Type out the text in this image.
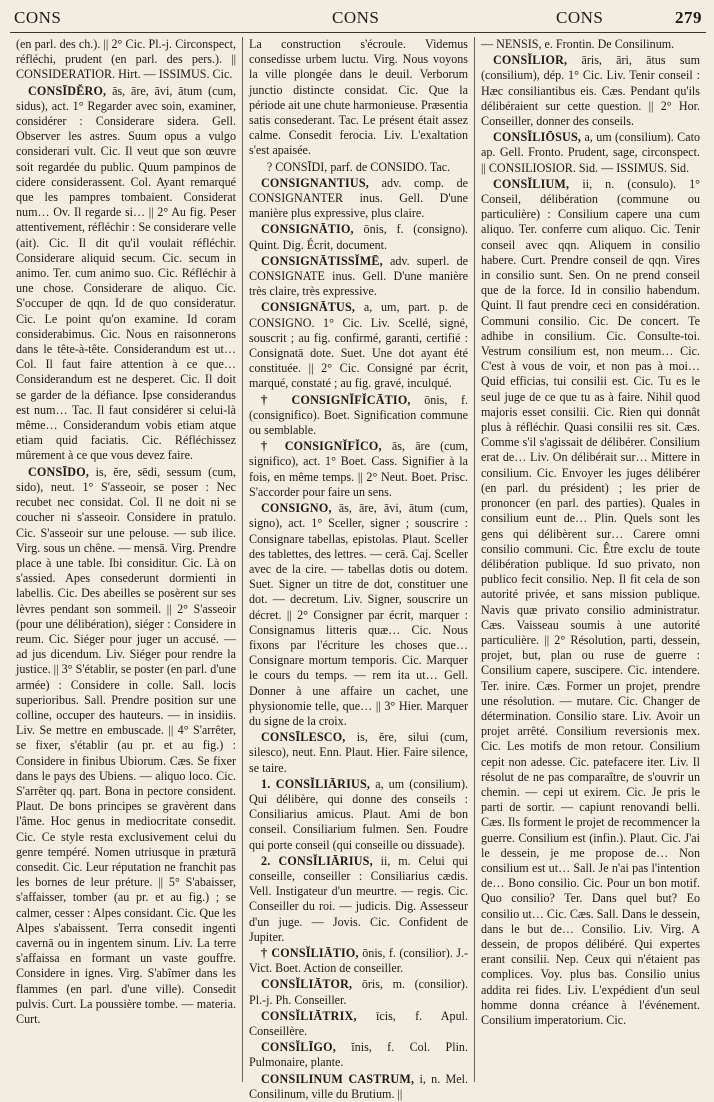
CONS	CONS	CONS	279

(en parl. des ch.). || 2° Cic. Pl.-j. Circonspect, réfléchi, prudent (en parl. des pers.). || CONSIDERATIOR. Hirt. — ISSIMUS. Cic.

CONSĪDĔRO, ās, āre, āvi, ātum (cum, sidus), act. 1° Regarder avec soin, examiner, considérer : Considerare sidera. Gell. Observer les astres. Suum opus a vulgo considerari vult. Cic. Il veut que son œuvre soit regardée du public. Quum pampinos de cidere considerassent. Col. Ayant remarqué que les pampres tombaient. Considerat num… Ov. Il regarde si… || 2° Au fig. Peser attentivement, réfléchir : Se considerare velle (ait). Cic. Il dit qu'il voulait réfléchir. Considerare aliquid secum. Cic. secum in animo. Ter. cum animo suo. Cic. Réfléchir à une chose. Considerare de aliquo. Cic. S'occuper de qqn. Id de quo consideratur. Cic. Le point qu'on examine. Id coram considerabimus. Cic. Nous en raisonnerons dans le tête-à-tête. Considerandum est ut… Col. Il faut faire attention à ce que… Considerandum est ne desperet. Cic. Il doit se garder de la défiance. Ipse considerandus est num… Tac. Il faut considérer si celui-là même… Considerandum vobis etiam atque etiam quid faciatis. Cic. Réfléchissez mûrement à ce que vous devez faire.

CONSĪDO, is, ĕre, sēdi, sessum (cum, sido), neut. 1° S'asseoir, se poser : Nec recubet nec considat. Col. Il ne doit ni se coucher ni s'asseoir. Considere in pratulo. Cic. S'asseoir sur une pelouse. — sub ilice. Virg. sous un chêne. — mensā. Virg. Prendre place à une table. Ibi considitur. Cic. Là on s'assied. Apes consederunt dormienti in labellis. Cic. Des abeilles se posèrent sur ses lèvres pendant son sommeil. || 2° S'asseoir (pour une délibération), siéger : Considere in reum. Cic. Siéger pour juger un accusé. — ad jus dicendum. Liv. Siéger pour rendre la justice. || 3° S'établir, se poster (en parl. d'une armée) : Considere in colle. Sall. locis superioribus. Sall. Prendre position sur une colline, occuper des hauteurs. — in insidiis. Liv. Se mettre en embuscade. || 4° S'arrêter, se fixer, s'établir (au pr. et au fig.) : Considere in finibus Ubiorum. Cæs. Se fixer dans le pays des Ubiens. — aliquo loco. Cic. S'arrêter qq. part. Bona in pectore consident. Plaut. De bons principes se gravèrent dans l'âme. Hoc genus in mediocritate consedit. Cic. Ce style resta exclusivement celui du genre tempéré. Nomen utriusque in præturā consedit. Cic. Leur réputation ne franchit pas les bornes de leur préture. || 5° S'abaisser, s'affaisser, tomber (au pr. et au fig.) ; se calmer, cesser : Alpes considant. Cic. Que les Alpes s'abaissent. Terra consedit ingenti cavernā ou in ingentem sinum. Liv. La terre s'affaissa en formant un vaste gouffre. Considere in ignes. Virg. S'abîmer dans les flammes (en parl. d'une ville). Consedit pulvis. Curt. La poussière tombe. — materia. Curt.

La construction s'écroule. Videmus consedisse urbem luctu. Virg. Nous voyons la ville plongée dans le deuil. Verborum junctio distincte considat. Cic. Que la période ait une chute harmonieuse. Præsentia satis consederant. Tac. Le présent était assez calme. Consedit ferocia. Liv. L'exaltation s'est apaisée.

? CONSĪDI, parf. de CONSIDO. Tac.

CONSIGNANTIUS, adv. comp. de CONSIGNANTER inus. Gell. D'une manière plus expressive, plus claire.

CONSIGNĀTIO, ōnis, f. (consigno). Quint. Dig. Écrit, document.

CONSIGNĀTISSĬMĒ, adv. superl. de CONSIGNATE inus. Gell. D'une manière très claire, très expressive.

CONSIGNĀTUS, a, um, part. p. de CONSIGNO. 1° Cic. Liv. Scellé, signé, souscrit ; au fig. confirmé, garanti, certifié : Consignatā dote. Suet. Une dot ayant été constituée. || 2° Cic. Consigné par écrit, marqué, constaté ; au fig. gravé, inculqué.

† CONSIGNĬFĬCĀTIO, ōnis, f. (consignifico). Boet. Signification commune ou semblable.

† CONSIGNĬFĬCO, ās, āre (cum, significo), act. 1° Boet. Cass. Signifier à la fois, en même temps. || 2° Neut. Boet. Prisc. S'accorder pour faire un sens.

CONSIGNO, ās, āre, āvi, ātum (cum, signo), act. 1° Sceller, signer ; souscrire : Consignare tabellas, epistolas. Plaut. Sceller des tablettes, des lettres. — cerā. Caj. Sceller avec de la cire. — tabellas dotis ou dotem. Suet. Signer un titre de dot, constituer une dot. — decretum. Liv. Signer, souscrire un décret. || 2° Consigner par écrit, marquer : Consignamus litteris quæ… Cic. Nous fixons par l'écriture les choses que… Consignare mortum temporis. Cic. Marquer le cours du temps. — rem ita ut… Gell. Donner à une affaire un cachet, une physionomie telle, que… || 3° Hier. Marquer du signe de la croix.

CONSĪLESCO, is, ĕre, silui (cum, silesco), neut. Enn. Plaut. Hier. Faire silence, se taire.

1. CONSĬLIĀRIUS, a, um (consilium). Qui délibère, qui donne des conseils : Consiliarius amicus. Plaut. Ami de bon conseil. Consiliarium fulmen. Sen. Foudre qui porte conseil (qui conseille ou dissuade).

2. CONSĬLIĀRIUS, ii, m. Celui qui conseille, conseiller : Consiliarius cædis. Vell. Instigateur d'un meurtre. — regis. Cic. Conseiller du roi. — judicis. Dig. Assesseur d'un juge. — Jovis. Cic. Confident de Jupiter.

† CONSĬLIĀTIO, ōnis, f. (consilior). J.-Vict. Boet. Action de conseiller.

CONSĬLIĀTOR, ōris, m. (consilior). Pl.-j. Ph. Conseiller.

CONSĬLIĀTRIX, īcis, f. Apul. Conseillère.

CONSĬLĪGO, ĭnis, f. Col. Plin. Pulmonaire, plante.

CONSILINUM CASTRUM, i, n. Mel. Consilinum, ville du Brutium. ||

— NENSIS, e. Frontin. De Consilinum.

CONSĬLIOR, āris, āri, ātus sum (consilium), dép. 1° Cic. Liv. Tenir conseil : Hæc consiliantibus eis. Cæs. Pendant qu'ils délibéraient sur cette question. || 2° Hor. Conseiller, donner des conseils.

CONSĬLIŌSUS, a, um (consilium). Cato ap. Gell. Fronto. Prudent, sage, circonspect. || CONSILIOSIOR. Sid. — ISSIMUS. Sid.

CONSĬLIUM, ii, n. (consulo). 1° Conseil, délibération (commune ou particulière) : Consilium capere una cum aliquo. Ter. conferre cum aliquo. Cic. Tenir conseil avec qqn. Aliquem in consilio habere. Curt. Prendre conseil de qqn. Vires in consilio sunt. Sen. On ne prend conseil que de la force. Id in consilio habendum. Quint. Il faut prendre ceci en considération. Communi consilio. Cic. De concert. Te adhibe in consilium. Cic. Consulte-toi. Vestrum consilium est, non meum… Cic. C'est à vous de voir, et non pas à moi… Quid efficias, tui consilii est. Cic. Tu es le seul juge de ce que tu as à faire. Nihil quod majoris esset consilii. Cic. Rien qui donnât plus à réfléchir. Quasi consilii res sit. Cæs. Comme s'il s'agissait de délibérer. Consilium erat de… Liv. On délibérait sur… Mittere in consilium. Cic. Envoyer les juges délibérer (en parl. du président) ; les prier de prononcer (en parl. des parties). Quales in consilium eunt de… Plin. Quels sont les gens qui délibèrent sur… Carere omni consilio communi. Cic. Être exclu de toute délibération publique. Id suo privato, non publico fecit consilio. Nep. Il fit cela de son autorité privée, et sans mission publique. Navis quæ privato consilio administratur. Cæs. Vaisseau soumis à une autorité particulière. || 2° Résolution, parti, dessein, projet, but, plan ou ruse de guerre : Consilium capere, suscipere. Cic. intendere. Ter. inire. Cæs. Former un projet, prendre une résolution. — mutare. Cic. Changer de détermination. Consilio stare. Liv. Avoir un projet arrêté. Consilium reversionis mex. Cic. Les motifs de mon retour. Consilium cepit non adesse. Cic. patefacere iter. Liv. Il résolut de ne pas comparaître, de s'ouvrir un chemin. — cepi ut exirem. Cic. Je pris le parti de sortir. — capiunt renovandi belli. Cæs. Ils forment le projet de recommencer la guerre. Consilium est (infin.). Plaut. Cic. J'ai le dessein, je me propose de… Non consilium est ut… Sall. Je n'ai pas l'intention de… Bono consilio. Cic. Pour un bon motif. Quo consilio? Ter. Dans quel but? Eo consilio ut… Cic. Cæs. Sall. Dans le dessein, dans le but de… Consilio. Liv. Virg. A dessein, de propos délibéré. Qui expertes erant consilii. Nep. Ceux qui n'étaient pas complices. Voy. plus bas. Consilio unius addita rei fides. Liv. L'expédient d'un seul homme donna créance à l'événement. Consilium imperatorium. Cic.
